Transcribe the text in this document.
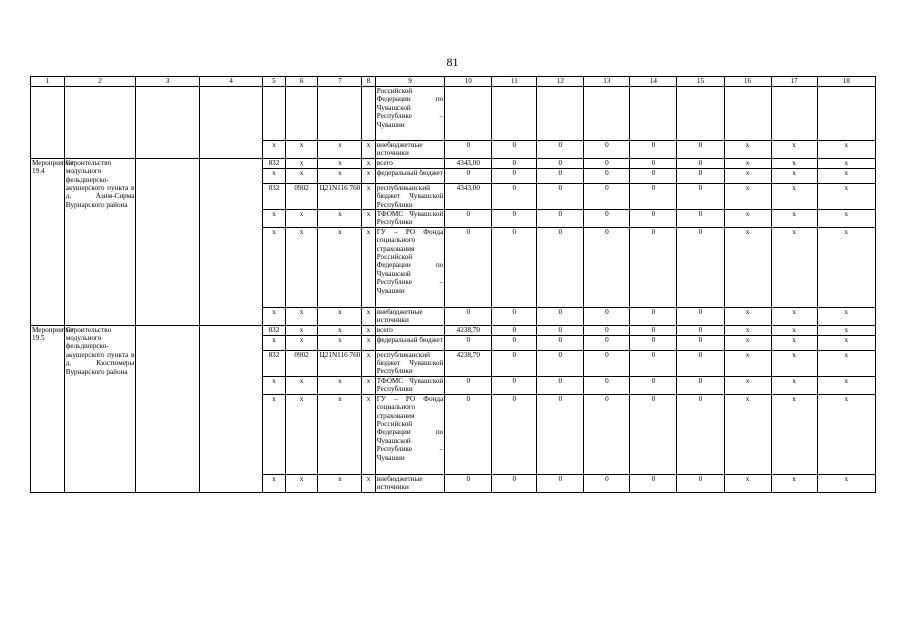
81
1	2	3	4	5	6	7	8	9	10	11	12	13	14	15	16	17	18
								Российской Федерации по Чувашской Республике – Чувашии									
				x	x	x	x	внебюджетные источники	0	0	0	0	0	0	x	x	x
Мероприятие 19.4	Строительство модульного фельдшерско-акушерского пункта в д. Азим-Сирма Вурнарского района			832	x	x	x	всего	4343,00	0	0	0	0	0	x	x	x
				x	x	x	x	федеральный бюджет	0	0	0	0	0	0	x	x	x
				832	0902	Ц21N116 760	x	республиканский бюджет Чувашской Республики	4343,00	0	0	0	0	0	x	x	x
				x	x	x	x	ТФОМС Чувашской Республики	0	0	0	0	0	0	x	x	x
				x	x	x	x	ГУ – РО Фонда социального страхования Российской Федерации по Чувашской Республике – Чувашии	0	0	0	0	0	0	x	x	x
				x	x	x	x	внебюджетные источники	0	0	0	0	0	0	x	x	x
Мероприятие 19.5	Строительство модульного фельдшерско-акушерского пункта в д. Кюстюмеры Вурнарского района			832	x	x	x	всего	4238,70	0	0	0	0	0	x	x	x
				x	x	x	x	федеральный бюджет	0	0	0	0	0	0	x	x	x
				832	0902	Ц21N116 760	x	республиканский бюджет Чувашской Республики	4238,70	0	0	0	0	0	x	x	x
				x	x	x	x	ТФОМС Чувашской Республики	0	0	0	0	0	0	x	x	x
				x	x	x	x	ГУ – РО Фонда социального страхования Российской Федерации по Чувашской Республике – Чувашии	0	0	0	0	0	0	x	x	x
				x	x	x	x	внебюджетные источники	0	0	0	0	0	0	x	x	x
